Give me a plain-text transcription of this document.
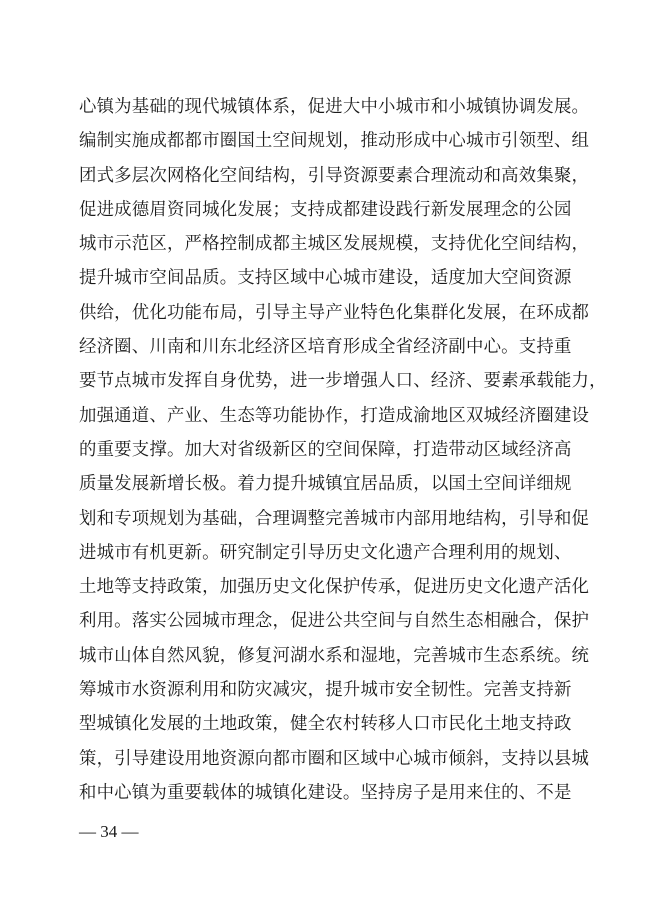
心镇为基础的现代城镇体系，促进大中小城市和小城镇协调发展。
编制实施成都都市圈国土空间规划，推动形成中心城市引领型、组
团式多层次网格化空间结构，引导资源要素合理流动和高效集聚，
促进成德眉资同城化发展；支持成都建设践行新发展理念的公园
城市示范区，严格控制成都主城区发展规模，支持优化空间结构，
提升城市空间品质。支持区域中心城市建设，适度加大空间资源
供给，优化功能布局，引导主导产业特色化集群化发展，在环成都
经济圈、川南和川东北经济区培育形成全省经济副中心。支持重
要节点城市发挥自身优势，进一步增强人口、经济、要素承载能力，
加强通道、产业、生态等功能协作，打造成渝地区双城经济圈建设
的重要支撑。加大对省级新区的空间保障，打造带动区域经济高
质量发展新增长极。着力提升城镇宜居品质，以国土空间详细规
划和专项规划为基础，合理调整完善城市内部用地结构，引导和促
进城市有机更新。研究制定引导历史文化遗产合理利用的规划、
土地等支持政策，加强历史文化保护传承，促进历史文化遗产活化
利用。落实公园城市理念，促进公共空间与自然生态相融合，保护
城市山体自然风貌，修复河湖水系和湿地，完善城市生态系统。统
筹城市水资源利用和防灾减灾，提升城市安全韧性。完善支持新
型城镇化发展的土地政策，健全农村转移人口市民化土地支持政
策，引导建设用地资源向都市圈和区域中心城市倾斜，支持以县城
和中心镇为重要载体的城镇化建设。坚持房子是用来住的、不是
— 34 —
